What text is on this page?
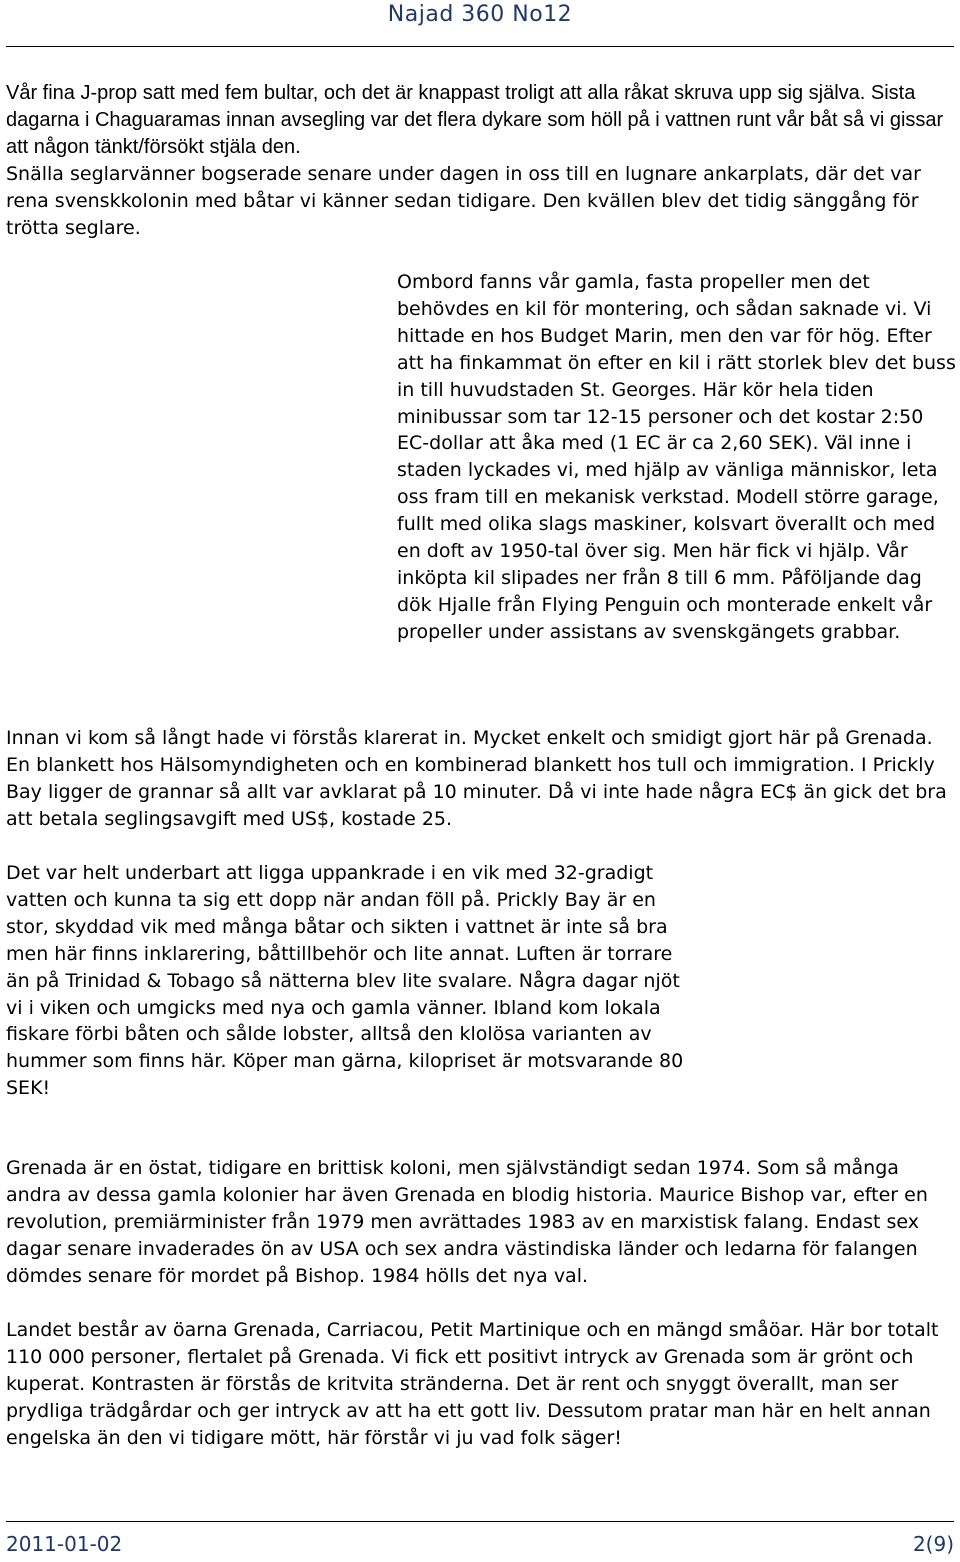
Najad 360 No12

Vår fina J-prop satt med fem bultar, och det är knappast troligt att alla råkat skruva upp sig själva. Sista dagarna i Chaguaramas innan avsegling var det flera dykare som höll på i vattnen runt vår båt så vi gissar att någon tänkt/försökt stjäla den.

Snälla seglarvänner bogserade senare under dagen in oss till en lugnare ankarplats, där det var rena svenskkolonin med båtar vi känner sedan tidigare. Den kvällen blev det tidig sänggång för trötta seglare.

Ombord fanns vår gamla, fasta propeller men det behövdes en kil för montering, och sådan saknade vi. Vi hittade en hos Budget Marin, men den var för hög. Efter att ha finkammat ön efter en kil i rätt storlek blev det buss in till huvudstaden St. Georges. Här kör hela tiden minibussar som tar 12-15 personer och det kostar 2:50 EC-dollar att åka med (1 EC är ca 2,60 SEK). Väl inne i staden lyckades vi, med hjälp av vänliga människor, leta oss fram till en mekanisk verkstad. Modell större garage, fullt med olika slags maskiner, kolsvart överallt och med en doft av 1950-tal över sig. Men här fick vi hjälp. Vår inköpta kil slipades ner från 8 till 6 mm. Påföljande dag dök Hjalle från Flying Penguin och monterade enkelt vår propeller under assistans av svenskgängets grabbar.

Innan vi kom så långt hade vi förstås klarerat in. Mycket enkelt och smidigt gjort här på Grenada. En blankett hos Hälsomyndigheten och en kombinerad blankett hos tull och immigration. I Prickly Bay ligger de grannar så allt var avklarat på 10 minuter. Då vi inte hade några EC$ än gick det bra att betala seglingsavgift med US$, kostade 25.

Det var helt underbart att ligga uppankrade i en vik med 32-gradigt vatten och kunna ta sig ett dopp när andan föll på. Prickly Bay är en stor, skyddad vik med många båtar och sikten i vattnet är inte så bra men här finns inklarering, båttillbehör och lite annat. Luften är torrare än på Trinidad & Tobago så nätterna blev lite svalare. Några dagar njöt vi i viken och umgicks med nya och gamla vänner. Ibland kom lokala fiskare förbi båten och sålde lobster, alltså den klolösa varianten av hummer som finns här. Köper man gärna, kilopriset är motsvarande 80 SEK!

Grenada är en östat, tidigare en brittisk koloni, men självständigt sedan 1974. Som så många andra av dessa gamla kolonier har även Grenada en blodig historia. Maurice Bishop var, efter en revolution, premiärminister från 1979 men avrättades 1983 av en marxistisk falang. Endast sex dagar senare invaderades ön av USA och sex andra västindiska länder och ledarna för falangen dömdes senare för mordet på Bishop. 1984 hölls det nya val.

Landet består av öarna Grenada, Carriacou, Petit Martinique och en mängd småöar. Här bor totalt 110 000 personer, flertalet på Grenada. Vi fick ett positivt intryck av Grenada som är grönt och kuperat. Kontrasten är förstås de kritvita stränderna. Det är rent och snyggt överallt, man ser prydliga trädgårdar och ger intryck av att ha ett gott liv. Dessutom pratar man här en helt annan engelska än den vi tidigare mött, här förstår vi ju vad folk säger!

2011-01-02	2(9)
